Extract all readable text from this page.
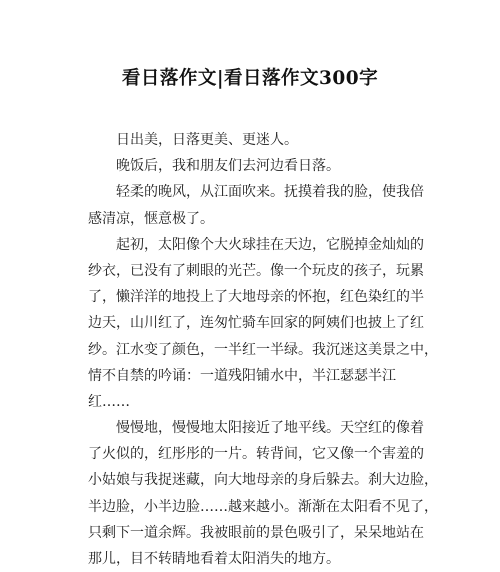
看日落作文|看日落作文300字
日出美，日落更美、更迷人。
晚饭后，我和朋友们去河边看日落。
轻柔的晚风，从江面吹来。抚摸着我的脸，使我倍
感清凉，惬意极了。
起初，太阳像个大火球挂在天边，它脱掉金灿灿的
纱衣，已没有了刺眼的光芒。像一个玩皮的孩子，玩累
了，懒洋洋的地投上了大地母亲的怀抱，红色染红的半
边天，山川红了，连匆忙骑车回家的阿姨们也披上了红
纱。江水变了颜色，一半红一半绿。我沉迷这美景之中，
情不自禁的吟诵：一道残阳铺水中，半江瑟瑟半江
红……
慢慢地，慢慢地太阳接近了地平线。天空红的像着
了火似的，红彤彤的一片。转背间，它又像一个害羞的
小姑娘与我捉迷藏，向大地母亲的身后躲去。刹大边脸，
半边脸，小半边脸……越来越小。渐渐在太阳看不见了，
只剩下一道余辉。我被眼前的景色吸引了，呆呆地站在
那儿，目不转睛地看着太阳消失的地方。
